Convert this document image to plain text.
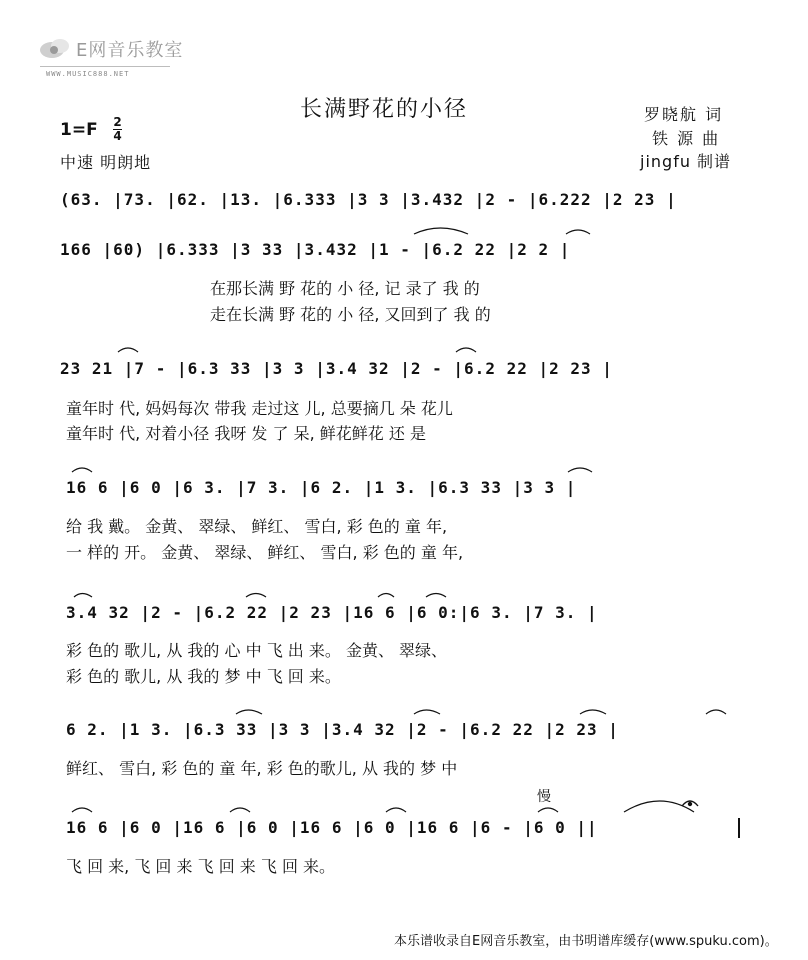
E网音乐教室
WWW.MUSIC888.NET
长满野花的小径	罗晓航 词
铁 源 曲
jingfu 制谱
1=F 2
4
中速 明朗地
(63. |73. |62. |13. |6.333 |3 3 |3.432 |2 - |6.222 |2 23 |
166 |60) |6.333 |3 33 |3.432 |1 - |6.2 22 |2 2 |
在那长满 野 花的 小 径, 记 录了 我 的
走在长满 野 花的 小 径, 又回到了 我 的
23 21 |7 - |6.3 33 |3 3 |3.4 32 |2 - |6.2 22 |2 23 |
童年时 代, 妈妈每次 带我 走过这 儿, 总要摘几 朵 花儿
童年时 代, 对着小径 我呀 发 了 呆, 鲜花鲜花 还 是
16 6 |6 0 |6 3. |7 3. |6 2. |1 3. |6.3 33 |3 3 |
给 我 戴。 金黄、 翠绿、 鲜红、 雪白, 彩 色的 童 年,
一 样的 开。 金黄、 翠绿、 鲜红、 雪白, 彩 色的 童 年,
3.4 32 |2 - |6.2 22 |2 23 |16 6 |6 0:|6 3. |7 3. |
彩 色的 歌儿, 从 我的 心 中 飞 出 来。 金黄、 翠绿、
彩 色的 歌儿, 从 我的 梦 中 飞 回 来。
6 2. |1 3. |6.3 33 |3 3 |3.4 32 |2 - |6.2 22 |2 23 |
鲜红、 雪白, 彩 色的 童 年, 彩 色的歌儿, 从 我的 梦 中
慢
16 6 |6 0 |16 6 |6 0 |16 6 |6 0 |16 6 |6 - |6 0 ||
飞 回 来, 飞 回 来 飞 回 来 飞 回 来。
本乐谱收录自E网音乐教室，由书明谱库缓存(www.spuku.com)。
